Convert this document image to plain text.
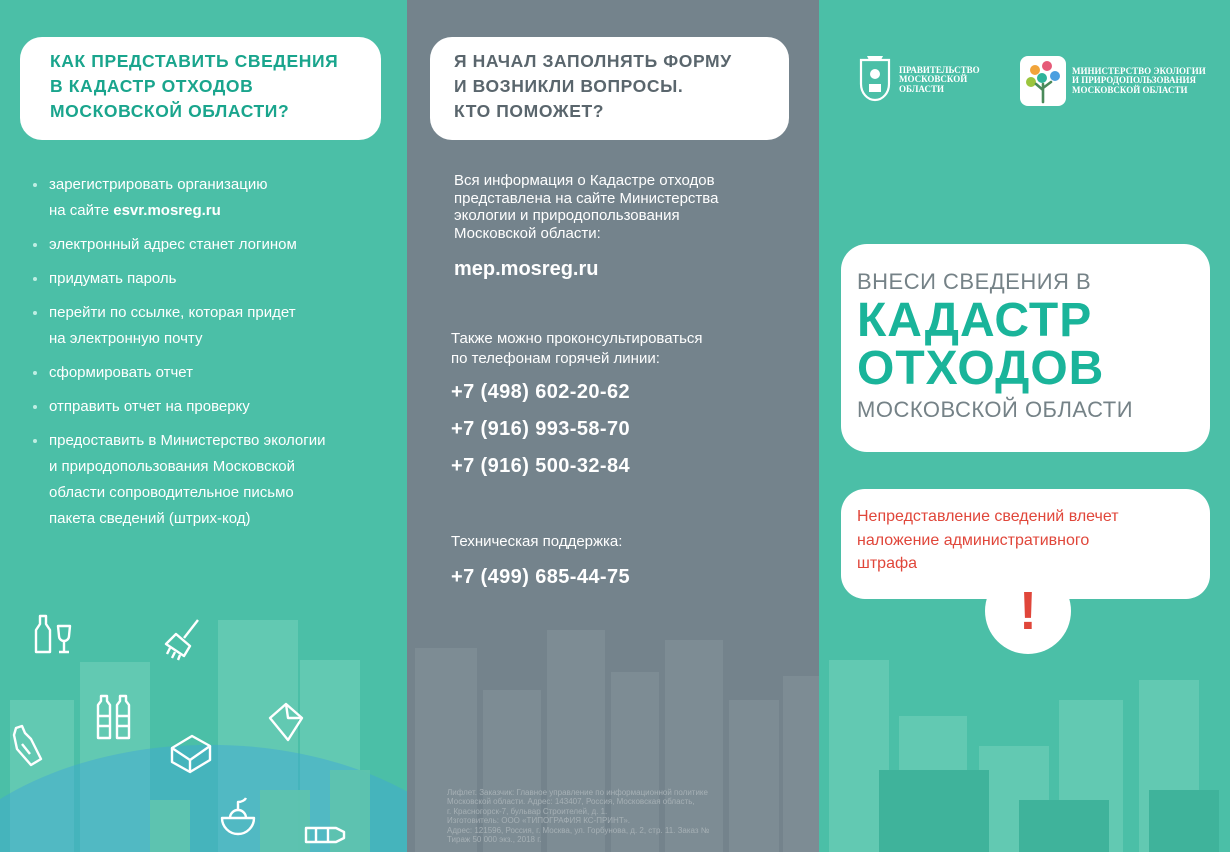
КАК ПРЕДСТАВИТЬ СВЕДЕНИЯ
В КАДАСТР ОТХОДОВ
МОСКОВСКОЙ ОБЛАСТИ?
зарегистрировать организацию
на сайте esvr.mosreg.ru
электронный адрес станет логином
придумать пароль
перейти по ссылке, которая придет
на электронную почту
сформировать отчет
отправить отчет на проверку
предоставить в Министерство экологии
и природопользования Московской
области сопроводительное письмо
пакета сведений (штрих-код)
Я НАЧАЛ ЗАПОЛНЯТЬ ФОРМУ
И ВОЗНИКЛИ ВОПРОСЫ.
КТО ПОМОЖЕТ?
Вся информация о Кадастре отходов
представлена на сайте Министерства
экологии и природопользования
Московской области:
mep.mosreg.ru
Также можно проконсультироваться
по телефонам горячей линии:
+7 (498) 602-20-62
+7 (916) 993-58-70
+7 (916) 500-32-84
Техническая поддержка:
+7 (499) 685-44-75
Лифлет. Заказчик: Главное управление по информационной политике
Московской области. Адрес: 143407, Россия, Московская область,
г. Красногорск-7, бульвар Строителей, д. 1.
Изготовитель: ООО «ТИПОГРАФИЯ КС-ПРИНТ».
Адрес: 121596, Россия, г. Москва, ул. Горбунова, д. 2, стр. 11. Заказ №
Тираж 50 000 экз., 2018 г.
ПРАВИТЕЛЬСТВО
МОСКОВСКОЙ
ОБЛАСТИ
МИНИСТЕРСТВО ЭКОЛОГИИ
И ПРИРОДОПОЛЬЗОВАНИЯ
МОСКОВСКОЙ ОБЛАСТИ
ВНЕСИ СВЕДЕНИЯ В
КАДАСТР
ОТХОДОВ
МОСКОВСКОЙ ОБЛАСТИ
Непредставление сведений влечет
наложение административного
штрафа
!
